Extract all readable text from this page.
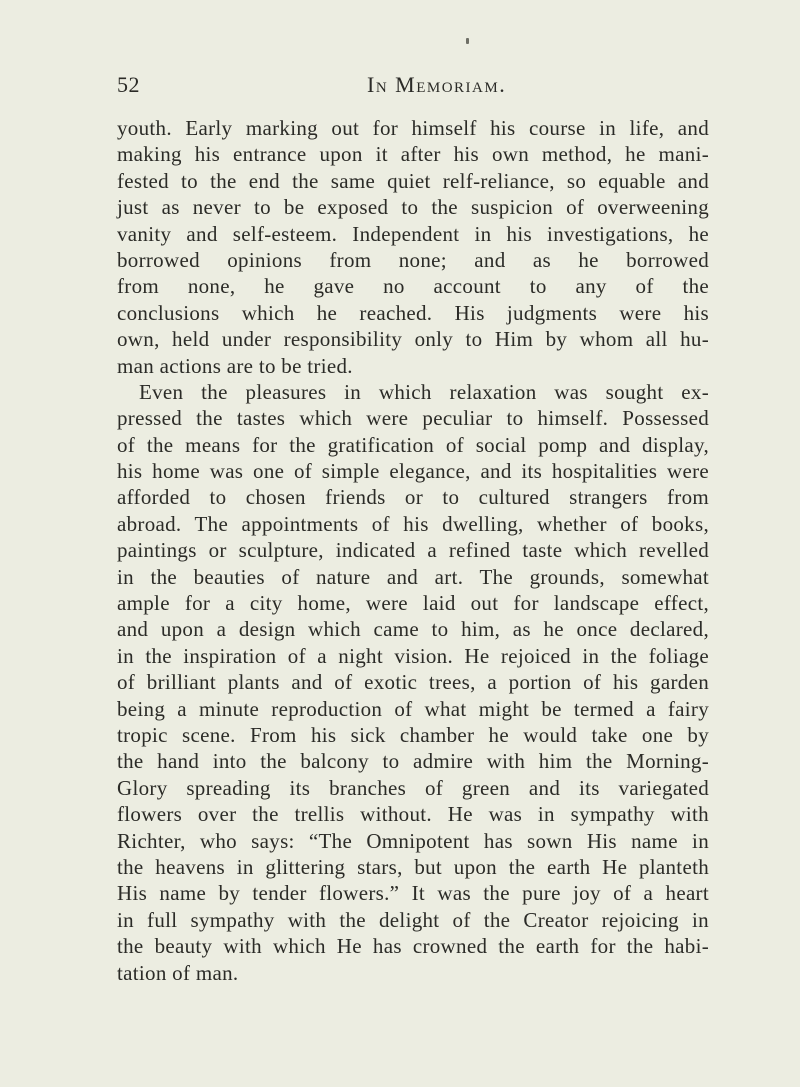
52	In Memoriam.
youth. Early marking out for himself his course in life, and
making his entrance upon it after his own method, he mani-
fested to the end the same quiet relf-reliance, so equable and
just as never to be exposed to the suspicion of overweening
vanity and self-esteem. Independent in his investigations, he
borrowed opinions from none; and as he borrowed
from none, he gave no account to any of the
conclusions which he reached. His judgments were his
own, held under responsibility only to Him by whom all hu-
man actions are to be tried.
Even the pleasures in which relaxation was sought ex-
pressed the tastes which were peculiar to himself. Possessed
of the means for the gratification of social pomp and display,
his home was one of simple elegance, and its hospitalities were
afforded to chosen friends or to cultured strangers from
abroad. The appointments of his dwelling, whether of books,
paintings or sculpture, indicated a refined taste which revelled
in the beauties of nature and art. The grounds, somewhat
ample for a city home, were laid out for landscape effect,
and upon a design which came to him, as he once declared,
in the inspiration of a night vision. He rejoiced in the foliage
of brilliant plants and of exotic trees, a portion of his garden
being a minute reproduction of what might be termed a fairy
tropic scene. From his sick chamber he would take one by
the hand into the balcony to admire with him the Morning-
Glory spreading its branches of green and its variegated
flowers over the trellis without. He was in sympathy with
Richter, who says: “The Omnipotent has sown His name in
the heavens in glittering stars, but upon the earth He planteth
His name by tender flowers.” It was the pure joy of a heart
in full sympathy with the delight of the Creator rejoicing in
the beauty with which He has crowned the earth for the habi-
tation of man.
